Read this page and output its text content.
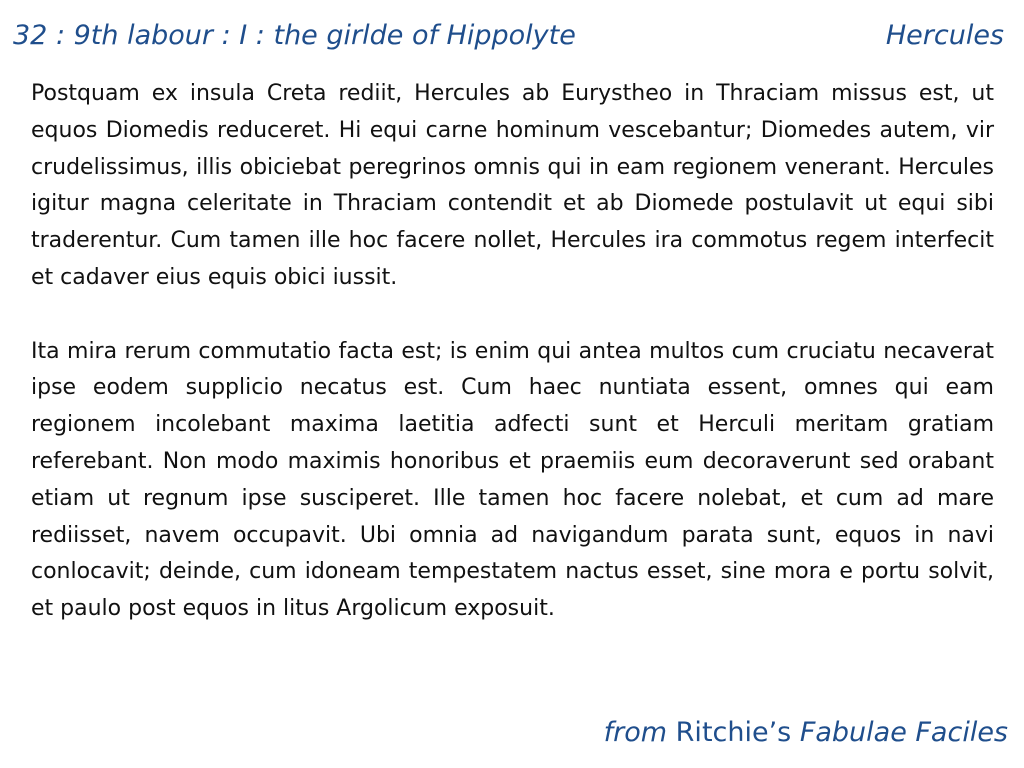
32 : 9th labour : I : the girlde of Hippolyte	Hercules

Postquam ex insula Creta rediit, Hercules ab Eurystheo in Thraciam missus est, ut equos Diomedis reduceret. Hi equi carne hominum vescebantur; Diomedes autem, vir crudelissimus, illis obiciebat peregrinos omnis qui in eam regionem venerant. Hercules igitur magna celeritate in Thraciam contendit et ab Diomede postulavit ut equi sibi traderentur. Cum tamen ille hoc facere nollet, Hercules ira commotus regem interfecit et cadaver eius equis obici iussit.

Ita mira rerum commutatio facta est; is enim qui antea multos cum cruciatu necaverat ipse eodem supplicio necatus est. Cum haec nuntiata essent, omnes qui eam regionem incolebant maxima laetitia adfecti sunt et Herculi meritam gratiam referebant. Non modo maximis honoribus et praemiis eum decoraverunt sed orabant etiam ut regnum ipse susciperet. Ille tamen hoc facere nolebat, et cum ad mare rediisset, navem occupavit. Ubi omnia ad navigandum parata sunt, equos in navi conlocavit; deinde, cum idoneam tempestatem nactus esset, sine mora e portu solvit, et paulo post equos in litus Argolicum exposuit.

from Ritchie’s Fabulae Faciles
